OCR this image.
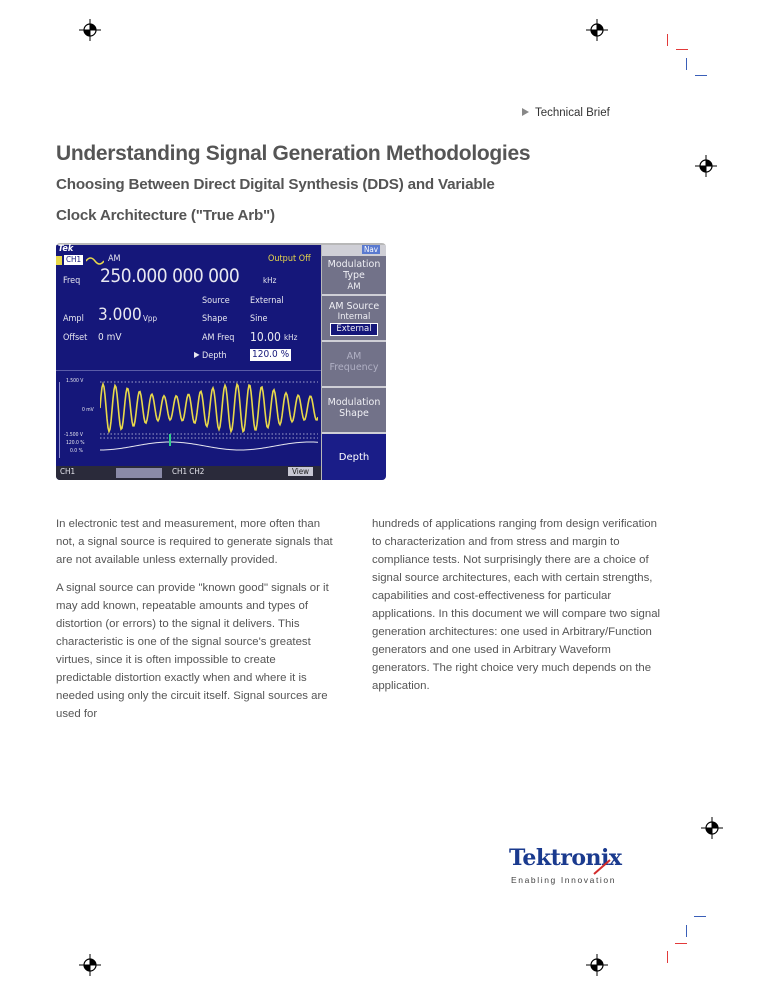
Technical Brief
Understanding Signal Generation Methodologies
Choosing Between Direct Digital Synthesis (DDS) and Variable
Clock Architecture ("True Arb")
Tek
CH1	AM	Output Off
Freq 250.000 000 000	kHz
Source External
Ampl 3.000 Vpp	Shape	Sine
Offset 0 mV	AM Freq 10.00 kHz
▶ Depth	120.0 %
1.500 V
0 mV
-1.500 V
120.0 %
0.0 %
CH1	CH1 CH2	View
Nav
Modulation Type
AM
AM Source
Internal
External
AM Frequency
Modulation Shape
Depth

In electronic test and measurement, more often than not, a signal source is required to generate signals that are not available unless externally provided.

A signal source can provide "known good" signals or it may add known, repeatable amounts and types of distortion (or errors) to the signal it delivers. This characteristic is one of the signal source's greatest virtues, since it is often impossible to create predictable distortion exactly when and where it is needed using only the circuit itself. Signal sources are used for

hundreds of applications ranging from design verification to characterization and from stress and margin to compliance tests. Not surprisingly there are a choice of signal source architectures, each with certain strengths, capabilities and cost-effectiveness for particular applications. In this document we will compare two signal generation architectures: one used in Arbitrary/Function generators and one used in Arbitrary Waveform generators. The right choice very much depends on the application.

Tektronix
Enabling Innovation
